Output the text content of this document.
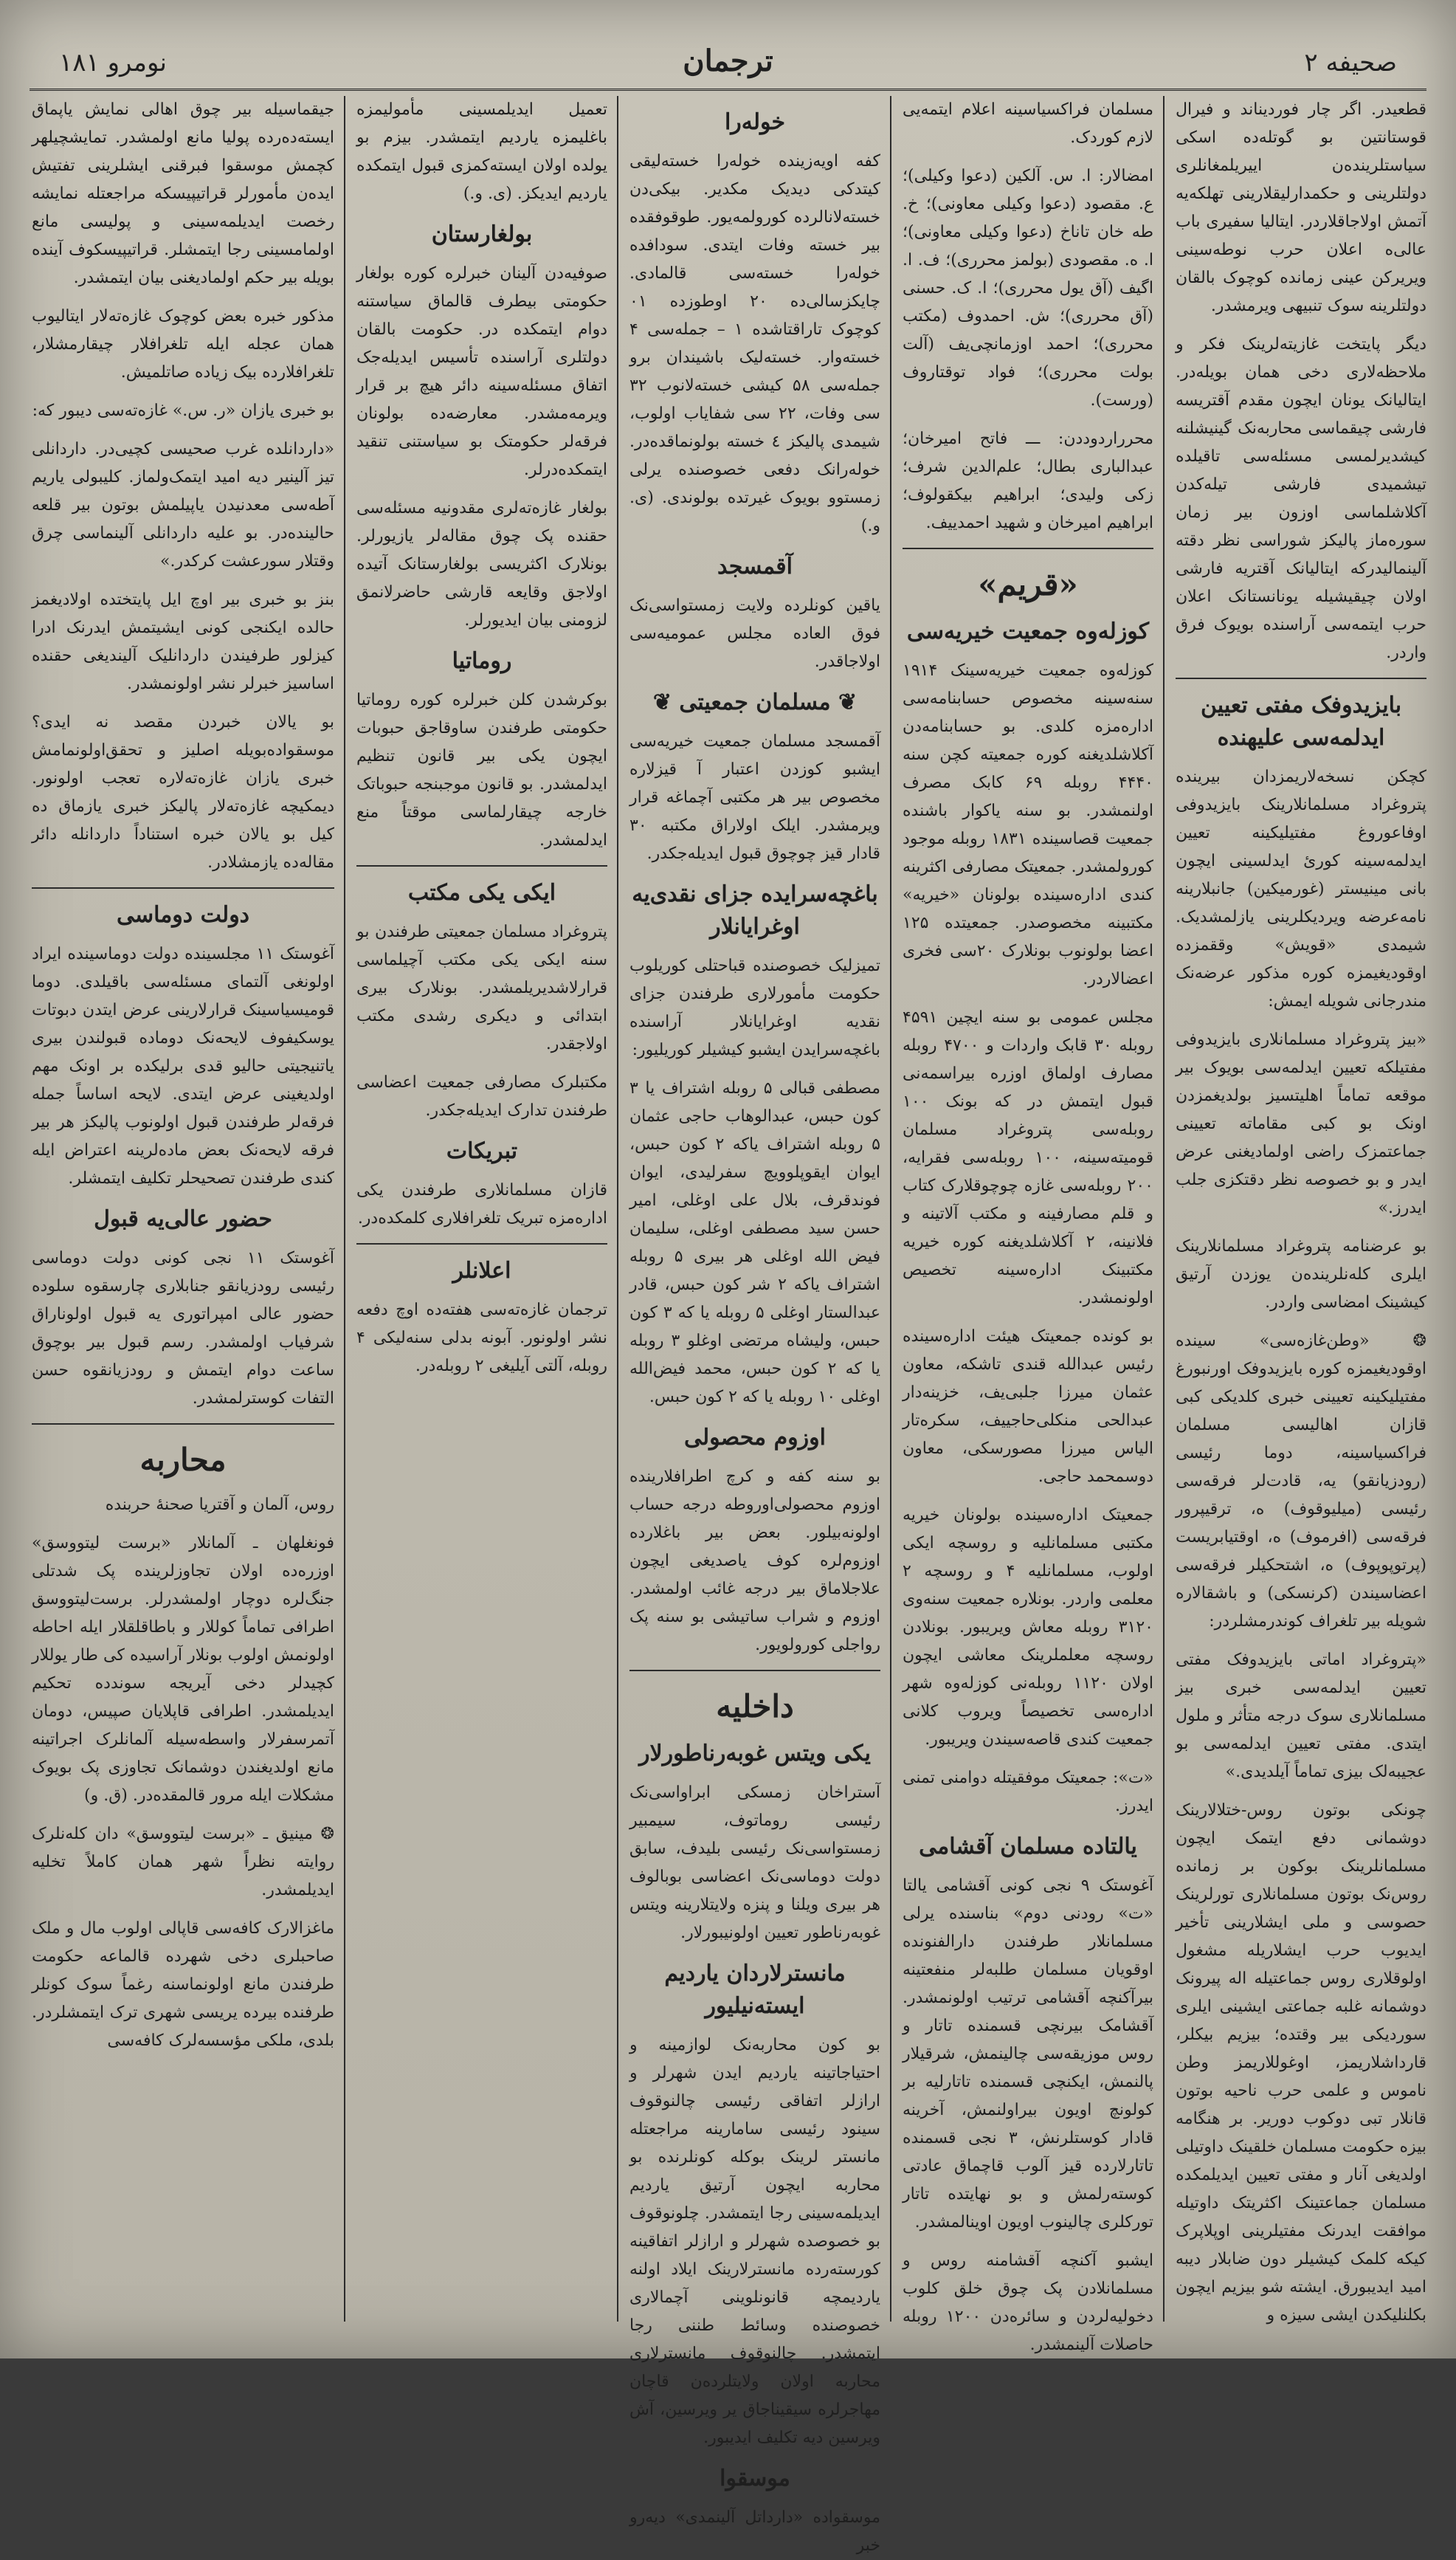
صحیفه ۲
ترجمان
نومرو ۱۸۱

قطعیدر. اگر چار فوردیناند و فیرال قوستانتین بو گوتله‌ده اسکی سیاستلرینده‌ن اییریلمغانلری دولتلرینی و حکمدارلیقلارینی تهلکه‌یه آتمش اولاجاقلاردر. ایتالیا سفیری باب عالی‌ه اعلان حرب نوطه‌سینی ویریرکن عینی زمانده کوچوک بالقان دولتلرینه سوک تنبیهی ویرمشدر.

دیگر پایتخت غازیته‌لرینک فکر و ملاحظه‌لاری دخی همان بویله‌در. ایتالیانک یونان ایچون مقدم آقتریسه فارشی چیقماسی محاربه‌نک گینیشلنه کیشدیرلمسی مسئله‌سی تاقیلده تیشمیدی فارشی تیله‌کدن آکلاشلماسی اوزون بیر زمان سوره‌ماز پالیکز شوراسی نظر دقته آلینمالیدرکه ایتالیانک آقتریه فارشی اولان چیقیشیله یونانستانک اعلان حرب ایتمه‌سی آراسنده بویوک فرق واردر.

بایزیدوفک مفتی تعیین ایدلمه‌سی علیهنده

کچکن نسخه‌لاریمزدان بیرینده پتروغراد مسلمانلارینک بایزیدوفی اوفاعوروغ مفتیلیکینه تعیین ایدلمه‌سینه کورئ ایدلسینی ایچون بانی مینیستر (غورمیکین) جانبلارینه نامه‌عرضه ویردیکلرینی یازلمشدیک. شیمدی «قویش» وققمزده اوقودیغیمزه کوره مذکور عرضه‌نک مندرجانی شویله ایمش:

«بیز پتروغراد مسلمانلاری بایزیدوفی مفتیلکه تعیین ایدلمه‌سی بویوک بیر موقعه تماماً اهلیتسیز بولدیغمزدن اونک بو کبی مقاماته تعیینی جماعتمزک راضی اولمادیغنی عرض ایدر و بو خصوصه نظر دقتکزی جلب ایدرز.»

بو عرضنامه پتروغراد مسلمانلارینک ایلری کله‌نلرینده‌ن یوزدن آرتیق کیشینک امضاسی واردر.

❂ «وطن‌غازه‌سی» سینده اوقودیغیمزه کوره بایزیدوفک اورنبورغ مفتیلیکینه تعیینی خبری کلدیکی کبی قازان اهالیسی مسلمان فراکسیاسینه، دوما رئیسی (رودزیانقو) یه، قادت‌لر فرقه‌سی رئیسی (میلیوقوف) ه، ترقیپرور فرقه‌سی (افرموف) ه، اوقتیابریست (پرتوپوپوف) ه، اشتحکیلر فرقه‌سی اعضاسیندن (کرنسکی) و باشقالاره شویله بیر تلغراف کوندرمشلردر:

«پتروغراد اماتی بایزیدوفک مفتی تعیین ایدلمه‌سی خبری بیز مسلمانلاری سوک درجه متأثر و ملول ایتدی. مفتی تعیین ایدلمه‌سی بو عجیبه‌لک بیزی تماماً آیلدیدی.»

چونکی بوتون روس-ختلالارینک دوشمانی دفع ایتمک ایچون مسلمانلرینک بوکون بر زمانده روس‌نک بوتون مسلمانلاری تورلرینک حصوسی و ملی ایشلارینی تأخیر ایدیوب حرب ایشلاریله مشغول اولوقلاری روس جماعتیله اله پیرونک دوشمانه غلبه جماعتی ایشینی ایلری سوردیکی بیر وقتده؛ بیزیم بیکلر، قارداشلاریمز، اوغوللاریمز وطن ناموس و علمی حرب ناحیه بوتون قانلار تبی دوکوب دوریر. بر هنگامه بیزه حکومت مسلمان خلقینک داوتیلی اولدیغی آنار و مفتی تعیین ایدیلمکده مسلمان جماعتینک اکثریتک داوتیله موافقت ایدرنک مفتیلرینی اوپلاپرک کیکه کلمک کیشیلر دون ضابلار دیبه امید ایدیبورق. ایشته شو بیزیم ایچون بکلنلیکدن ایشی سیزه و

مسلمان فراکسیاسینه اعلام ایتمه‌یی لازم کوردک.

امضالار: ا. س. آلکین (دعوا وکیلی)؛ ع. مقصود (دعوا وکیلی معاونی)؛ خ. طه خان تاناخ (دعوا وکیلی معاونی)؛ ا. ه. مقصودی (بولمز محرری)؛ ف. ا. اگیف (آق یول محرری)؛ ا. ک. حسنی (آق محرری)؛ ش. احمدوف (مکتب محرری)؛ احمد اوزمانچی‌یف (آلت بولت محرری)؛ فواد توقتاروف (ورست).

محرراردوددن: ـــ فاتح امیرخان؛ عبدالباری بطال؛ علم‌الدین شرف؛ زکی ولیدی؛ ابراهیم بیکقولوف؛ ابراهیم امیرخان و شهید احمدییف.

«قریم»
کوزله‌وه جمعیت خیریه‌سی

کوزله‌وه جمعیت خیریه‌سینک ۱۹۱۴ سنه‌سینه مخصوص حسابنامه‌سی اداره‌مزه کلدی. بو حسابنامه‌دن آکلاشلدیغنه کوره جمعیته کچن سنه ۴۴۴۰ روبله ۶۹ کابک مصرف اولنمشدر. بو سنه یاکوار باشنده جمعیت قصاسینده ۱۸۳۱ روبله موجود کورولمشدر. جمعیتک مصارفی اکثرینه کندی اداره‌سینده بولونان «خیریه» مکتبینه مخصوصدر. جمعیتده ۱۲۵ اعضا بولونوب بونلارک ۲۰سی فخری اعضالاردر.

مجلس عمومی بو سنه ایچین ۴۵۹۱ روبله ۳۰ قابک واردات و ۴۷۰۰ روبله مصارف اولماق اوزره بیراسمه‌نی قبول ایتمش در که بونک ۱۰۰ روبله‌سی پتروغراد مسلمان قومیته‌سینه، ۱۰۰ روبله‌سی فقرایه، ۲۰۰ روبله‌سی غازه چوچوقلارک کتاب و قلم مصارفینه و مکتب آلاتینه و فلانینه، ۲ آکلاشلدیغنه کوره خیریه مکتبینک اداره‌سینه تخصیص اولونمشدر.

بو کونده جمعیتک هیئت اداره‌سینده رئیس عبدالله قندی تاشکه، معاون عثمان میرزا جلبی‌یف، خزینه‌دار عبدالحی منکلی‌حاجییف، سکره‌تار الیاس میرزا مصورسکی، معاون دوسمحمد حاجی.

جمعیتک اداره‌سینده بولونان خیریه مکتبی مسلمانلیه و روسچه ایکی اولوب، مسلمانلیه ۴ و روسچه ۲ معلمی واردر. بونلاره جمعیت سنه‌وی ۳۱۲۰ روبله معاش ویریبور. بونلادن روسچه معلملرینک معاشی ایچون اولان ۱۱۲۰ روبله‌نی کوزله‌وه شهر اداره‌سی تخصیصاً ویروب کلانی جمعیت کندی قاصه‌سیندن ویریبور.

«ت»: جمعیتک موفقیتله دوامنی تمنی ایدرز.

یالتاده مسلمان آقشامی

آغوستک ۹ نجی کونی آقشامی یالتا «ت» رودنی دوم» بناسنده یرلی مسلمانلار طرفندن دارالفنونده اوقویان مسلمان طلبه‌لر منفعتینه بیرآکنچه آقشامی ترتیب اولونمشدر. آقشامک بیرنچی قسمنده تاتار و روس موزیقه‌سی چالینمش، شرقیلار پالنمش، ایکنچی قسمنده تاتارلیه بر کولونچ اویون بیراولنمش، آخرینه قادار کوستلرنش، ۳ نجی قسمنده تاتارلارده قیز آلوب قاچماق عادتی کوسته‌رلمش و بو نهایتده تاتار تورکلری چالینوب اویون اوینالمشدر.

ایشبو آکنچه آقشامنه روس و مسلمانلادن پک چوق خلق کلوب دخولیه‌لردن و سائره‌دن ۱۲۰۰ روبله حاصلات آلینمشدر.

خوله‌را

کفه اویه‌زینده خوله‌را خسته‌لیقی کیتدکی دیدیک مکدیر. بیکی‌دن خسته‌لانالرده کورولمه‌یور. طوقوفقده بیر خسته وفات ایتدی. سودافده خوله‌را خسته‌سی قالمادی. چایکزسالی‌ده ۲۰ اوطوزده ۰۱ کوچوک تاراقتاشده ۱ – جمله‌سی ۴ خسته‌وار. خسته‌لیک باشیندان برو جمله‌سی ۵۸ کیشی خسته‌لانوب ۳۲ سی وفات، ۲۲ سی شفایاب اولوب، شیمدی پالیکز ٤ خسته بولونماقده‌در. خوله‌رانک دفعی خصوصنده یرلی زمستوو بویوک غیرتده بولوندی. (ی. و.)

آقمسجد

یاقین کونلرده ولایت زمستواسی‌نک فوق العاده مجلس عمومیه‌سی اولاجاقدر.

❦ مسلمان جمعیتی ❦

آقمسجد مسلمان جمعیت خیریه‌سی ایشبو کوزدن اعتبار آ قیزلاره مخصوص بیر هر مکتبی آچماغه قرار ویرمشدر. ایلک اولاراق مکتبه ۳۰ قادار قیز چوچوق قبول ایدیله‌جکدر.

باغچه‌سرایده جزای نقدی‌یه اوغرایانلار

تمیزلیک خصوصنده قباحتلی کوریلوب حکومت مأمورلاری طرفندن جزای نقدیه اوغرایانلار آراسنده باغچه‌سرایدن ایشبو کیشیلر کوریلیور:

مصطفی قبالی ۵ روبله اشتراف یا ۳ کون حبس، عبدالوهاب حاجی عثمان ۵ روبله اشتراف یاکه ۲ کون حبس، ایوان ایقوپلوویچ سفرلیدی، ایوان فوندقرف، بلال علی اوغلی، امیر حسن سید مصطفی اوغلی، سلیمان فیض الله اوغلی هر بیری ۵ روبله اشتراف یاکه ۲ شر کون حبس، قادر عبدالستار اوغلی ۵ روبله یا که ۳ کون حبس، ولیشاه مرتضی اوغلو ۳ روبله یا که ۲ کون حبس، محمد فیض‌الله اوغلی ۱۰ روبله یا که ۲ کون حبس.

اوزوم محصولی

بو سنه کفه و کرچ اطرافلارینده اوزوم محصولی‌اوروطه درجه حساب اولونه‌بیلور. بعض بیر باغلارده اوزوم‌لره کوف یاصدیغی ایچون علاجلاماق بیر درجه غائب اولمشدر. اوزوم و شراب ساتیشی بو سنه پک رواجلی کورولویور.

داخلیه
یکی ویتس غوبه‌رناطورلار

آستراخان زمسکی ابراوا‌سی‌نک رئیسی روماتوف، سیمبیر زمستواسی‌نک رئیسی بلیدف، سابق دولت دوماسی‌نک اعضاسی بوبالوف هر بیری ویلنا و پنزه ولایتلارینه ویتس غوبه‌رناطور تعیین اولونیبورلار.

مانستر‌لاردان یاردیم ایسته‌نیلیور

بو کون محاربه‌نک لوازمینه و احتیاجاتینه یاردیم ایدن شهرلر و ارازلر اتفاقی رئیسی چالنوقوف سینود رئیسی سامارینه مراجعتله مانستر لرینک بوکله کونلرنده بو محاربه ایچون آرتیق یاردیم ایدیلمه‌سینی رجا ایتمشدر. چلونوقوف بو خصوصده شهرلر و ارازلر اتفاقینه کورسته‌رده مانستر‌لارینک ایلاد اولنه یاردیمچه قانونلوینی آچمالاری خصوصنده وسائط طننی رجا ایتمشدر. چالنوقوف مانستر‌لاری محاربه اولان ولایتلرده‌ن قاچان مهاجرلره سیقیناجاق یر ویرسین، آش ویرسین دیه تکلیف ایدیبور.

موسقوا

موسقواده «دارداتل آلینمدی» دیه‌رو خبر

تعمیل ایدیلمسینی مأمولیمزه باغلیمزه یاردیم ایتمشدر. بیزم بو یولده اولان ایسته‌کمزی قبول ایتمکده یاردیم ایدیکز. (ی. و.)

بولغارستان

صوفیه‌دن آلینان خبرلره کوره بولغار حکومتی بیطرف قالماق سیاستنه دوام ایتمکده در. حکومت بالقان دولتلری آراسنده تأسیس ایدیله‌جک اتفاق مسئله‌سینه دائر هیچ بر قرار ویرمه‌مشدر. معارضه‌ده بولونان فرقه‌لر حکومتک بو سیاستنی تنقید ایتمکده‌درلر.

بولغار غازه‌ته‌لری مقدونیه مسئله‌سی حقنده پک چوق مقاله‌لر یازیورلر. بونلارک اکثریسی بولغارستانک آتیده اولاجق وقایعه قارشی حاضرلانمق لزومنی بیان ایدیورلر.

روماتیا

بوکرشدن کلن خبرلره کوره روماتیا حکومتی طرفندن ساوقاجق حبوبات ایچون یکی بیر قانون تنظیم ایدلمشدر. بو قانون موجبنجه حبوباتک خارجه چیقارلماسی موقتاً منع ایدلمشدر.

ایکی یکی مکتب

پتروغراد مسلمان جمعیتی طرفندن بو سنه ایکی یکی مکتب آچیلماسی قرارلاشدیریلمشدر. بونلارک بیری ابتدائی و دیکری رشدی مکتب اولاجقدر.

مکتبلرک مصارفی جمعیت اعضاسی طرفندن تدارک ایدیله‌جکدر.

تبریکات

قازان مسلمانلاری طرفندن یکی اداره‌مزه تبریک تلغرافلاری کلمکده‌در.

اعلانلر

ترجمان غازه‌ته‌سی هفته‌ده اوچ دفعه نشر اولونور. آبونه بدلی سنه‌لیکی ۴ روبله، آلتی آیلیغی ۲ روبله‌در.

جیقماسیله بیر چوق اهالی نمایش یاپماق ایسته‌ده‌رده پولیا مانع اولمشدر. تمایشچیلهر کچمش موسقوا فبرقنی ایشلرینی تفتیش ایده‌ن مأمورلر قراتیپیسکه مراجعتله نمایشه رخصت ایدیلمه‌سینی و پولیسی مانع اولمامسینی رجا ایتمشلر. قراتیپیسکوف آینده بویله بیر حکم اولمادیغنی بیان ایتمشدر.

مذکور خبره بعض کوچوک غازه‌ته‌لار ایتالیوب همان عجله ایله تلغرافلار چیقارمشلار، تلغرافلارده بیک زیاده صاتلمیش.

بو خبری یازان «ر. س.» غازه‌ته‌سی دیبور که:

«داردانلده غرب صحیسی کچیی‌در. داردانلی تیز آلینیر دیه امید ایتمک‌ولماز. کلیبولی یاریم آطه‌سی معدنیدن یاپیلمش بوتون بیر قلعه حالینده‌در. بو علیه داردانلی آلینماسی چرق وقتلار سورعشت کرکدر.»

بنز بو خبری بیر اوچ ایل پایتختده اولادیغمز حالده ایکنجی کونی ایشیتمش ایدرنک ادرا کیزلور طرفیندن داردانلیک آلیندیغی حقنده اساسیز خبرلر نشر اولونمشدر.

بو یالان خبردن مقصد نه ایدی؟ موسقواده‌بویله اصلیز و تحقق‌اولونمامش خبری یازان غازه‌ته‌لاره تعجب اولونور. دیمکیچه غازه‌ته‌لار پالیکز خبری یازماق ده کیل بو یالان خبره استناداً داردانله دائر مقاله‌ده یازمشلادر.

دولت دوماسی

آغوستک ۱۱ مجلسینده دولت دوماسینده ایراد اولونغی آلتمای مسئله‌سی باقیلدی. دوما قومیسیاسینک قرارلارینی عرض ایتدن دبوتات یوسکیفوف لایحه‌نک دوماده قبولندن بیری یاتنیجیتی حالیو قدی برلیکده بر اونک مهم اولدیغینی عرض ایتدی. لایحه اساساً جمله فرقه‌لر طرفندن قبول اولونوب پالیکز هر بیر فرقه لایحه‌نک بعض ماده‌لرینه اعتراض ایله کندی طرفندن تصحیحلر تکلیف ایتمشلر.

حضور عالی‌یه قبول

آغوستک ۱۱ نجی کونی دولت دوماسی رئیسی رودزیانقو جنابلاری چارسقوه سلوده حضور عالی امپراتوری یه قبول اولوناراق شرفیاب اولمشدر. رسم قبول بیر بوچوق ساعت دوام ایتمش و رودزیانقوه حسن التفات کوسترلمشدر.

محاربه

روس، آلمان و آقتریا صحنهٔ حربنده

فونغلهان ـ آلمانلار «برست لیتووسق» اوزره‌ده اولان تجاوزلرینده پک شدتلی جنگ‌لره دوچار اولمشدرلر. برست‌لیتووسق اطرافی تماماً کوللار و باطاقلقلار ایله احاطه اولونمش اولوب بونلار آراسیده کی طار یوللار کچیدلر دخی آیریجه سوندده تحکیم ایدیلمشدر. اطرافی قاپلایان صپیس، دومان آتمرسفرلار واسطه‌سیله آلمانلرک اجراتینه مانع اولدیغندن دوشمانک تجاوزی پک بویوک مشکلات ایله مرور قالمقده‌در. (ق. و)

❂ مینیق ـ «برست لیتووسق» دان کله‌نلرک روایته نظراً شهر همان کاملاً تخلیه ایدیلمشدر.

ماغزالارک کافه‌سی قاپالی اولوب مال و ملک صاحبلری دخی شهرده قالماعه حکومت طرفندن مانع اولونماسنه رغماً سوک کونلر طرفنده بیرده یریسی شهری ترک ایتمشلردر. بلدی، ملکی مؤسسه‌لرک کافه‌سی
